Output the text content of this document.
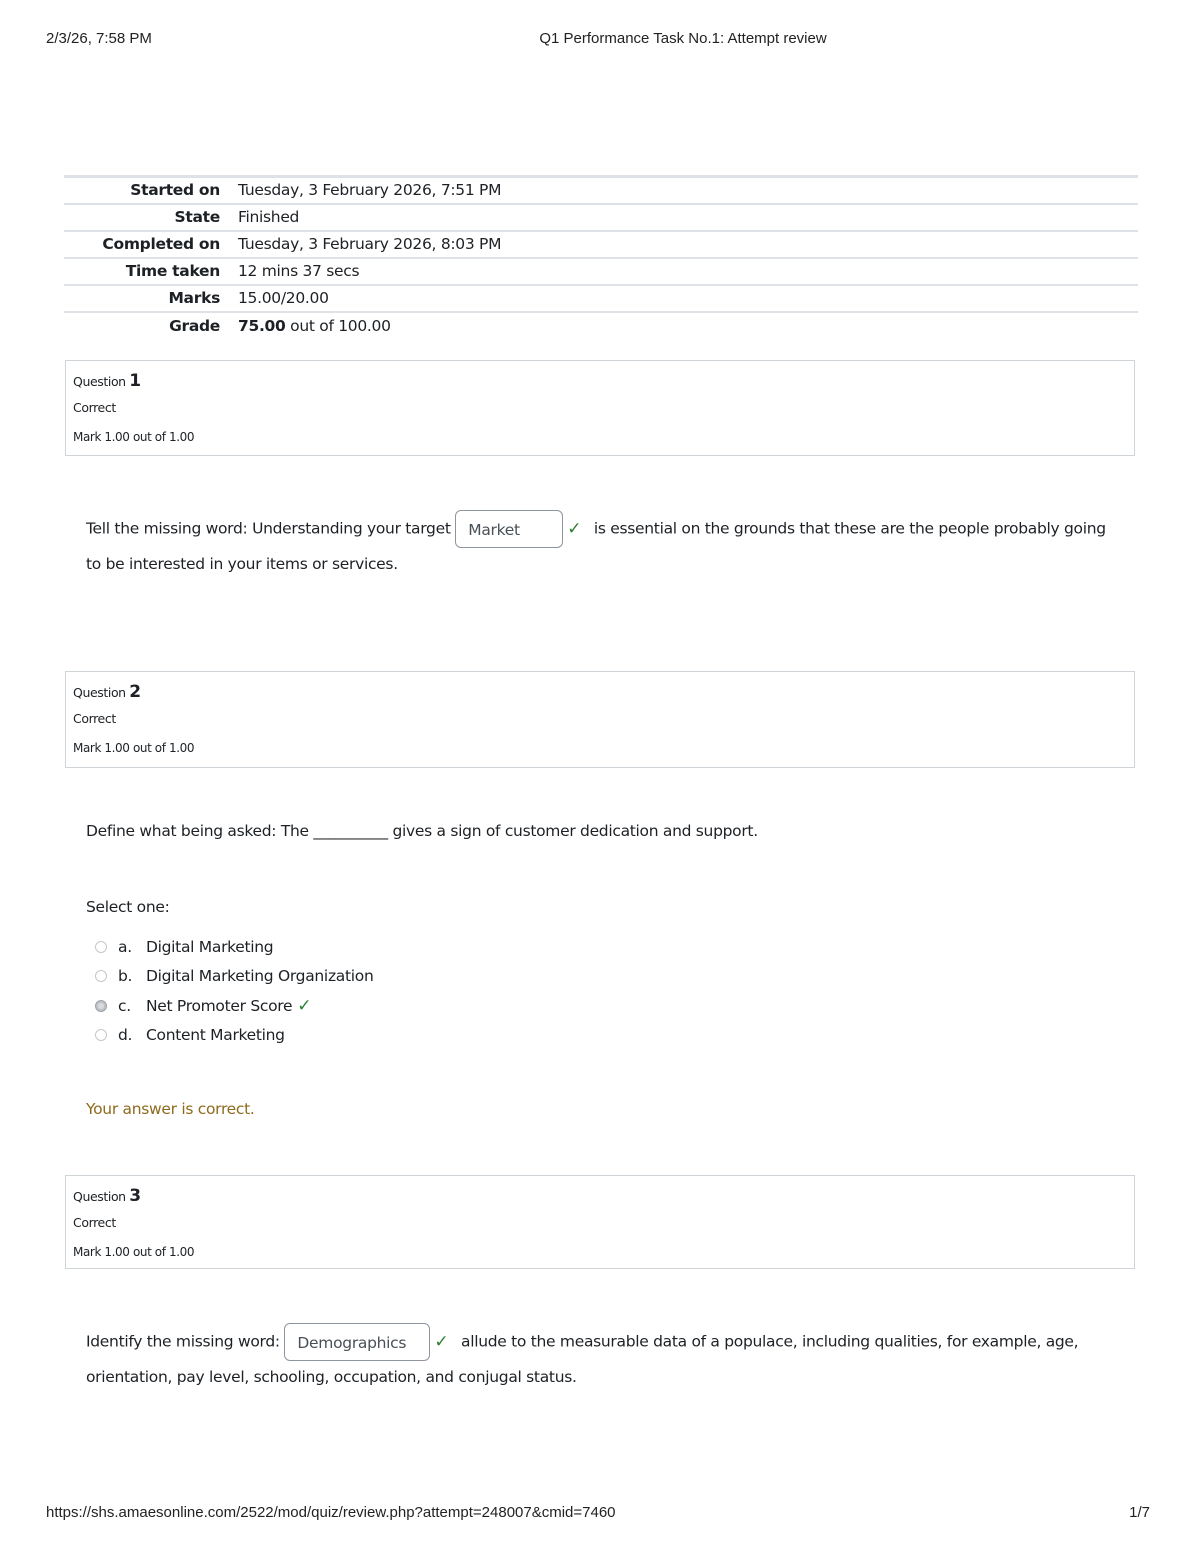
2/3/26, 7:58 PM	Q1 Performance Task No.1: Attempt review
Started on	Tuesday, 3 February 2026, 7:51 PM
State	Finished
Completed on	Tuesday, 3 February 2026, 8:03 PM
Time taken	12 mins 37 secs
Marks	15.00/20.00
Grade	75.00 out of 100.00
Question 1
Correct
Mark 1.00 out of 1.00
Tell the missing word: Understanding your target Market	✓ is essential on the grounds that these are the people probably going to be interested in your items or services.
Question 2
Correct
Mark 1.00 out of 1.00
Define what being asked: The __________ gives a sign of customer dedication and support.
Select one:
a. Digital Marketing
b. Digital Marketing Organization
c. Net Promoter Score ✓
d. Content Marketing
Your answer is correct.
Question 3
Correct
Mark 1.00 out of 1.00
Identify the missing word: Demographics ✓ allude to the measurable data of a populace, including qualities, for example, age, orientation, pay level, schooling, occupation, and conjugal status.
https://shs.amaesonline.com/2522/mod/quiz/review.php?attempt=248007&cmid=7460	1/7
